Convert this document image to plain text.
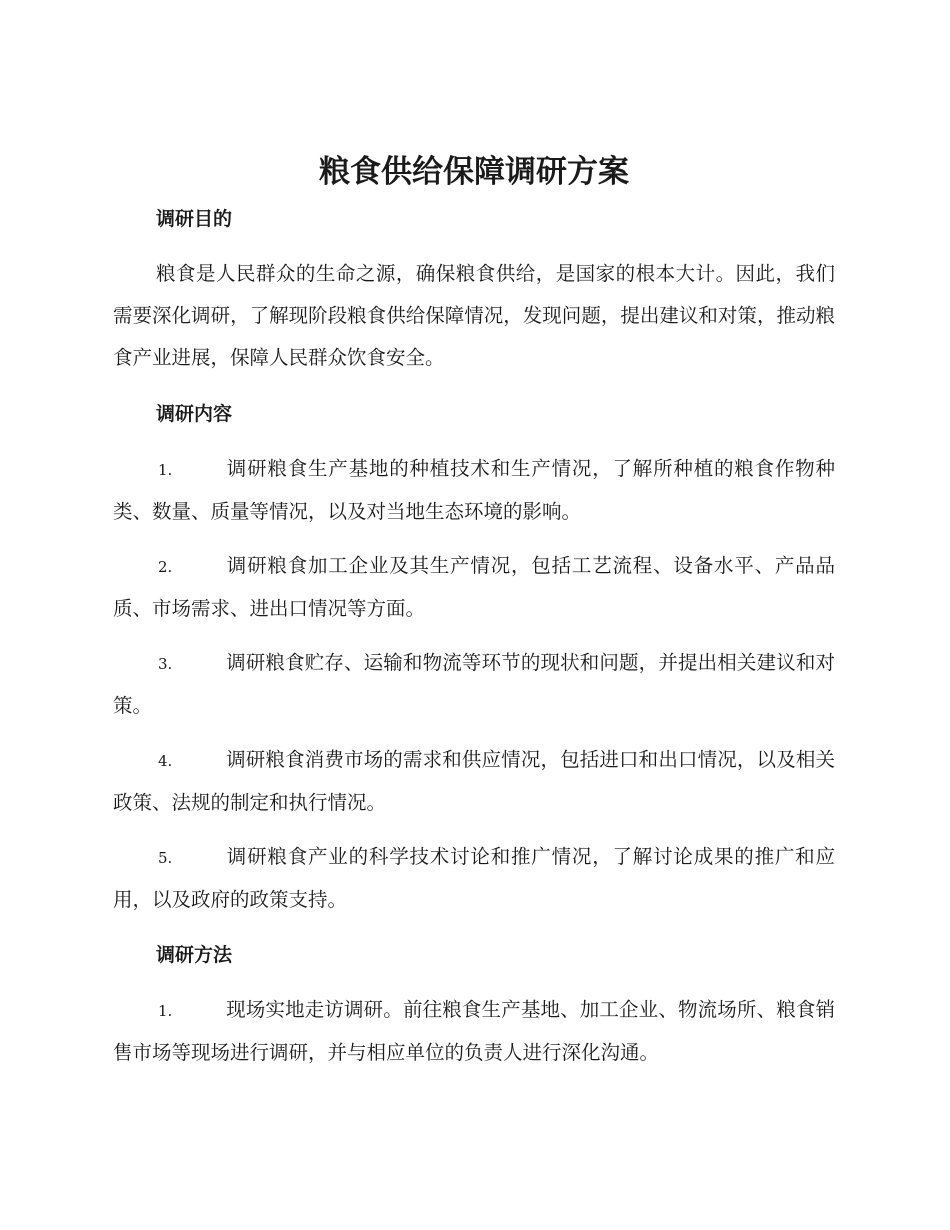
粮食供给保障调研方案
调研目的

粮食是人民群众的生命之源，确保粮食供给，是国家的根本大计。因此，我们需要深化调研，了解现阶段粮食供给保障情况，发现问题，提出建议和对策，推动粮食产业进展，保障人民群众饮食安全。

调研内容

1.	调研粮食生产基地的种植技术和生产情况，了解所种植的粮食作物种类、数量、质量等情况，以及对当地生态环境的影响。

2.	调研粮食加工企业及其生产情况，包括工艺流程、设备水平、产品品质、市场需求、进出口情况等方面。

3.	调研粮食贮存、运输和物流等环节的现状和问题，并提出相关建议和对策。

4.	调研粮食消费市场的需求和供应情况，包括进口和出口情况，以及相关政策、法规的制定和执行情况。

5.	调研粮食产业的科学技术讨论和推广情况，了解讨论成果的推广和应用，以及政府的政策支持。

调研方法

1.	现场实地走访调研。前往粮食生产基地、加工企业、物流场所、粮食销售市场等现场进行调研，并与相应单位的负责人进行深化沟通。
